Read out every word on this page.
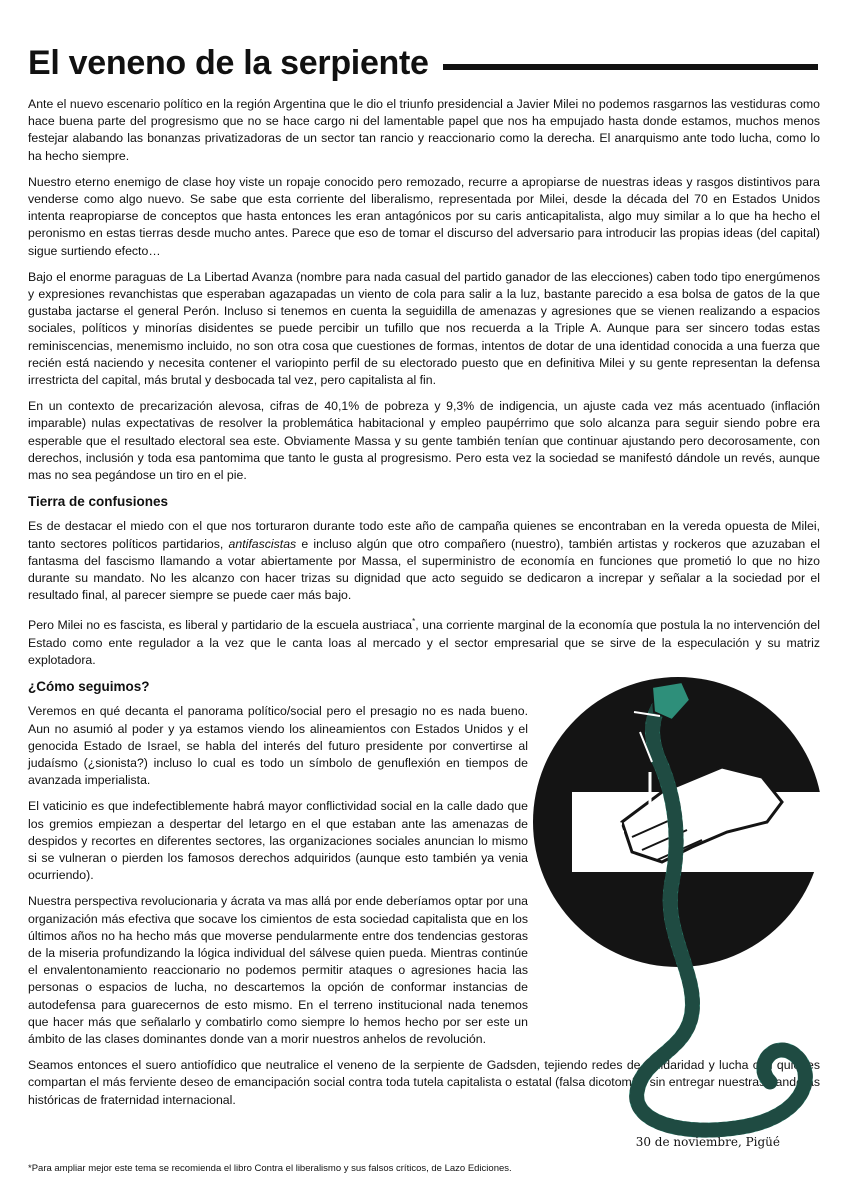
El veneno de la serpiente

Ante el nuevo escenario político en la región Argentina que le dio el triunfo presidencial a Javier Milei no podemos rasgarnos las vestiduras como hace buena parte del progresismo que no se hace cargo ni del lamentable papel que nos ha empujado hasta donde estamos, muchos menos festejar alabando las bonanzas privatizadoras de un sector tan rancio y reaccionario como la derecha. El anarquismo ante todo lucha, como lo ha hecho siempre.

Nuestro eterno enemigo de clase hoy viste un ropaje conocido pero remozado, recurre a apropiarse de nuestras ideas y rasgos distintivos para venderse como algo nuevo. Se sabe que esta corriente del liberalismo, representada por Milei, desde la década del 70 en Estados Unidos intenta reapropiarse de conceptos que hasta entonces les eran antagónicos por su caris anticapitalista, algo muy similar a lo que ha hecho el peronismo en estas tierras desde mucho antes. Parece que eso de tomar el discurso del adversario para introducir las propias ideas (del capital) sigue surtiendo efecto…

Bajo el enorme paraguas de La Libertad Avanza (nombre para nada casual del partido ganador de las elecciones) caben todo tipo energúmenos y expresiones revanchistas que esperaban agazapadas un viento de cola para salir a la luz, bastante parecido a esa bolsa de gatos de la que gustaba jactarse el general Perón. Incluso si tenemos en cuenta la seguidilla de amenazas y agresiones que se vienen realizando a espacios sociales, políticos y minorías disidentes se puede percibir un tufillo que nos recuerda a la Triple A. Aunque para ser sincero todas estas reminiscencias, menemismo incluido, no son otra cosa que cuestiones de formas, intentos de dotar de una identidad conocida a una fuerza que recién está naciendo y necesita contener el variopinto perfil de su electorado puesto que en definitiva Milei y su gente representan la defensa irrestricta del capital, más brutal y desbocada tal vez, pero capitalista al fin.

En un contexto de precarización alevosa, cifras de 40,1% de pobreza y 9,3% de indigencia, un ajuste cada vez más acentuado (inflación imparable) nulas expectativas de resolver la problemática habitacional y empleo paupérrimo que solo alcanza para seguir siendo pobre era esperable que el resultado electoral sea este. Obviamente Massa y su gente también tenían que continuar ajustando pero decorosamente, con derechos, inclusión y toda esa pantomima que tanto le gusta al progresismo. Pero esta vez la sociedad se manifestó dándole un revés, aunque mas no sea pegándose un tiro en el pie.

Tierra de confusiones

Es de destacar el miedo con el que nos torturaron durante todo este año de campaña quienes se encontraban en la vereda opuesta de Milei, tanto sectores políticos partidarios, antifascistas e incluso algún que otro compañero (nuestro), también artistas y rockeros que azuzaban el fantasma del fascismo llamando a votar abiertamente por Massa, el superministro de economía en funciones que prometió lo que no hizo durante su mandato. No les alcanzo con hacer trizas su dignidad que acto seguido se dedicaron a increpar y señalar a la sociedad por el resultado final, al parecer siempre se puede caer más bajo.

Pero Milei no es fascista, es liberal y partidario de la escuela austriaca*, una corriente marginal de la economía que postula la no intervención del Estado como ente regulador a la vez que le canta loas al mercado y el sector empresarial que se sirve de la especulación y su matriz explotadora.

¿Cómo seguimos?

Veremos en qué decanta el panorama político/social pero el presagio no es nada bueno. Aun no asumió al poder y ya estamos viendo los alineamientos con Estados Unidos y el genocida Estado de Israel, se habla del interés del futuro presidente por convertirse al judaísmo (¿sionista?) incluso lo cual es todo un símbolo de genuflexión en tiempos de avanzada imperialista.

El vaticinio es que indefectiblemente habrá mayor conflictividad social en la calle dado que los gremios empiezan a despertar del letargo en el que estaban ante las amenazas de despidos y recortes en diferentes sectores, las organizaciones sociales anuncian lo mismo si se vulneran o pierden los famosos derechos adquiridos (aunque esto también ya venia ocurriendo).

Nuestra perspectiva revolucionaria y ácrata va mas allá por ende deberíamos optar por una organización más efectiva que socave los cimientos de esta sociedad capitalista que en los últimos años no ha hecho más que moverse pendularmente entre dos tendencias gestoras de la miseria profundizando la lógica individual del sálvese quien pueda. Mientras continúe el envalentonamiento reaccionario no podemos permitir ataques o agresiones hacia las personas o espacios de lucha, no descartemos la opción de conformar instancias de autodefensa para guarecernos de esto mismo. En el terreno institucional nada tenemos que hacer más que señalarlo y combatirlo como siempre lo hemos hecho por ser este un ámbito de las clases dominantes donde van a morir nuestros anhelos de revolución.

Seamos entonces el suero antiofídico que neutralice el veneno de la serpiente de Gadsden, tejiendo redes de solidaridad y lucha con quienes compartan el más ferviente deseo de emancipación social contra toda tutela capitalista o estatal (falsa dicotomía) sin entregar nuestras banderas históricas de fraternidad internacional.

30 de noviembre, Pigüé
*Para ampliar mejor este tema se recomienda el libro Contra el liberalismo y sus falsos críticos, de Lazo Ediciones.
